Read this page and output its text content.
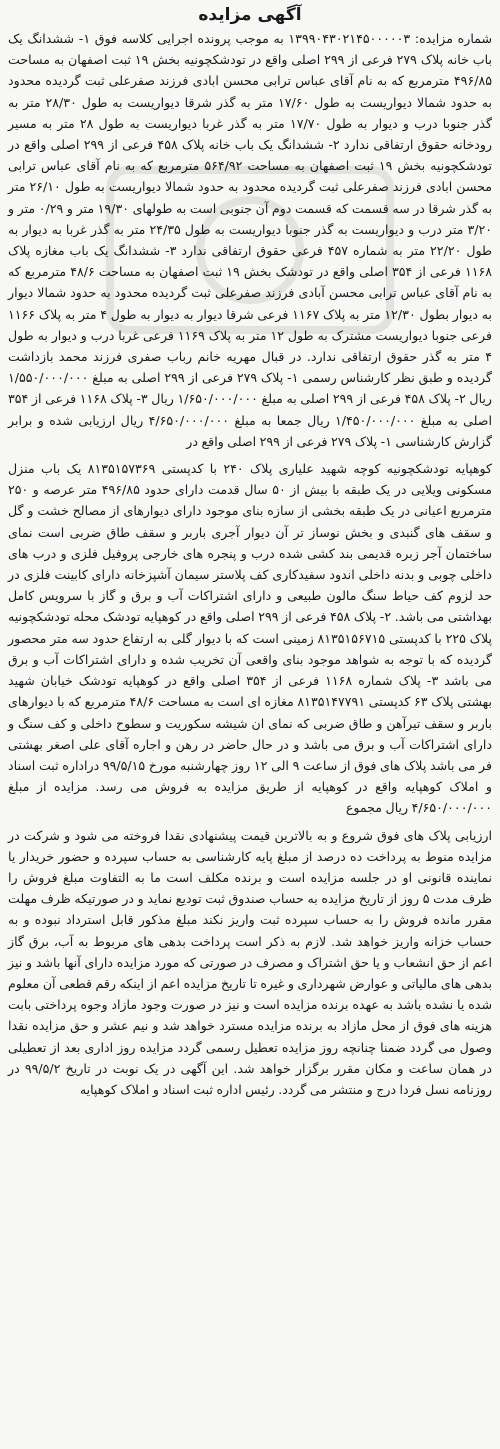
آگهی مزایده

شماره مزایده: ۱۳۹۹۰۴۳۰۲۱۴۵۰۰۰۰۰۳ به موجب پرونده اجرایی کلاسه فوق ۱- ششدانگ یک باب خانه پلاک ۲۷۹ فرعی از ۲۹۹ اصلی واقع در تودشکچونیه بخش ۱۹ ثبت اصفهان به مساحت ۴۹۶/۸۵ مترمربع که به نام آقای عباس ترابی محسن ابادی فرزند صفرعلی ثبت گردیده محدود به حدود شمالا دیواریست به طول ۱۷/۶۰ متر به گذر شرقا دیواریست به طول ۲۸/۳۰ متر به گذر جنوبا درب و دیوار به طول ۱۷/۷۰ متر به گذر غربا دیواریست به طول ۲۸ متر به مسیر رودخانه حقوق ارتفاقی ندارد ۲- ششدانگ یک باب خانه پلاک ۴۵۸ فرعی از ۲۹۹ اصلی واقع در تودشکچونیه بخش ۱۹ ثبت اصفهان به مساحت ۵۶۴/۹۲ مترمربع که به نام آقای عباس ترابی محسن ابادی فرزند صفرعلی ثبت گردیده محدود به حدود شمالا دیواریست به طول ۲۶/۱۰ متر به گذر شرقا در سه قسمت که قسمت دوم آن جنوبی است به طولهای ۱۹/۳۰ متر و ۰/۲۹ متر و ۳/۲۰ متر درب و دیواریست به گذر جنوبا دیواریست به طول ۲۴/۳۵ متر به گذر غربا به دیوار به طول ۲۲/۲۰ متر به شماره ۴۵۷ فرعی حقوق ارتفاقی ندارد ۳- ششدانگ یک باب مغازه پلاک ۱۱۶۸ فرعی از ۳۵۴ اصلی واقع در تودشک بخش ۱۹ ثبت اصفهان به مساحت ۴۸/۶ مترمربع که به نام آقای عباس ترابی محسن آبادی فرزند صفرعلی ثبت گردیده محدود به حدود شمالا دیوار به دیوار بطول ۱۲/۳۰ متر به پلاک ۱۱۶۷ فرعی شرقا دیوار به دیوار به طول ۴ متر به پلاک ۱۱۶۶ فرعی جنوبا دیواریست مشترک به طول ۱۲ متر به پلاک ۱۱۶۹ فرعی غربا درب و دیوار به طول ۴ متر به گذر حقوق ارتفاقی ندارد. در قبال مهریه خانم رباب صفری فرزند محمد بازداشت گردیده و طبق نظر کارشناس رسمی ۱- پلاک ۲۷۹ فرعی از ۲۹۹ اصلی به مبلغ ۱/۵۵۰/۰۰۰/۰۰۰ ریال ۲- پلاک ۴۵۸ فرعی از ۲۹۹ اصلی به مبلغ ۱/۶۵۰/۰۰۰/۰۰۰ ریال ۳- پلاک ۱۱۶۸ فرعی از ۳۵۴ اصلی به مبلغ ۱/۴۵۰/۰۰۰/۰۰۰ ریال جمعا به مبلغ ۴/۶۵۰/۰۰۰/۰۰۰ ریال ارزیابی شده و برابر گزارش کارشناسی ۱- پلاک ۲۷۹ فرعی از ۲۹۹ اصلی واقع در

کوهپایه تودشکچونیه کوچه شهید علیاری پلاک ۲۴۰ با کدپستی ۸۱۳۵۱۵۷۳۶۹ یک باب منزل مسکونی ویلایی در یک طبقه با بیش از ۵۰ سال قدمت دارای حدود ۴۹۶/۸۵ متر عرصه و ۲۵۰ مترمربع اعیانی در یک طبقه بخشی از سازه بنای موجود دارای دیوارهای از مصالح خشت و گل و سقف های گنبدی و بخش نوساز تر آن دیوار آجری باربر و سقف طاق ضربی است نمای ساختمان آجر زبره قدیمی بند کشی شده درب و پنجره های خارجی پروفیل فلزی و درب های داخلی چوبی و بدنه داخلی اندود سفیدکاری کف پلاستر سیمان آشپزخانه دارای کابینت فلزی در حد لزوم کف حیاط سنگ مالون طبیعی و دارای اشتراکات آب و برق و گاز با سرویس کامل بهداشتی می باشد. ۲- پلاک ۴۵۸ فرعی از ۲۹۹ اصلی واقع در کوهپایه تودشک محله تودشکچونیه پلاک ۲۲۵ با کدپستی ۸۱۳۵۱۵۶۷۱۵ زمینی است که با دیوار گلی به ارتفاع حدود سه متر محصور گردیده که با توجه به شواهد موجود بنای واقعی آن تخریب شده و دارای اشتراکات آب و برق می باشد ۳- پلاک شماره ۱۱۶۸ فرعی از ۳۵۴ اصلی واقع در کوهپایه تودشک خیابان شهید بهشتی پلاک ۶۳ کدپستی ۸۱۳۵۱۴۷۷۹۱ مغازه ای است به مساحت ۴۸/۶ مترمربع که با دیوارهای باربر و سقف تیرآهن و طاق ضربی که نمای ان شیشه سکوریت و سطوح داخلی و کف سنگ و دارای اشتراکات آب و برق می باشد و در حال حاضر در رهن و اجاره آقای علی اصغر بهشتی فر می باشد پلاک های فوق از ساعت ۹ الی ۱۲ روز چهارشنبه مورخ ۹۹/۵/۱۵ دراداره ثبت اسناد و املاک کوهپایه واقع در کوهپایه از طریق مزایده به فروش می رسد. مزایده از مبلغ ۴/۶۵۰/۰۰۰/۰۰۰ ریال مجموع

ارزیابی پلاک های فوق شروع و به بالاترین قیمت پیشنهادی نقدا فروخته می شود و شرکت در مزایده منوط به پرداخت ده درصد از مبلغ پایه کارشناسی به حساب سپرده و حضور خریدار یا نماینده قانونی او در جلسه مزایده است و برنده مکلف است ما به التفاوت مبلغ فروش را ظرف مدت ۵ روز از تاریخ مزایده به حساب صندوق ثبت تودیع نماید و در صورتیکه ظرف مهلت مقرر مانده فروش را به حساب سپرده ثبت واریز نکند مبلغ مذکور قابل استرداد نبوده و به حساب خزانه واریز خواهد شد. لازم به ذکر است پرداخت بدهی های مربوط به آب، برق گاز اعم از حق انشعاب و یا حق اشتراک و مصرف در صورتی که مورد مزایده دارای آنها باشد و نیز بدهی های مالیاتی و عوارض شهرداری و غیره تا تاریخ مزایده اعم از اینکه رقم قطعی آن معلوم شده یا نشده باشد به عهده برنده مزایده است و نیز در صورت وجود مازاد وجوه پرداختی بابت هزینه های فوق از محل مازاد به برنده مزایده مسترد خواهد شد و نیم عشر و حق مزایده نقدا وصول می گردد ضمنا چنانچه روز مزایده تعطیل رسمی گردد مزایده روز اداری بعد از تعطیلی در همان ساعت و مکان مقرر برگزار خواهد شد. این آگهی در یک نوبت در تاریخ ۹۹/۵/۲ در روزنامه نسل فردا درج و منتشر می گردد. رئیس اداره ثبت اسناد و املاک کوهپایه
